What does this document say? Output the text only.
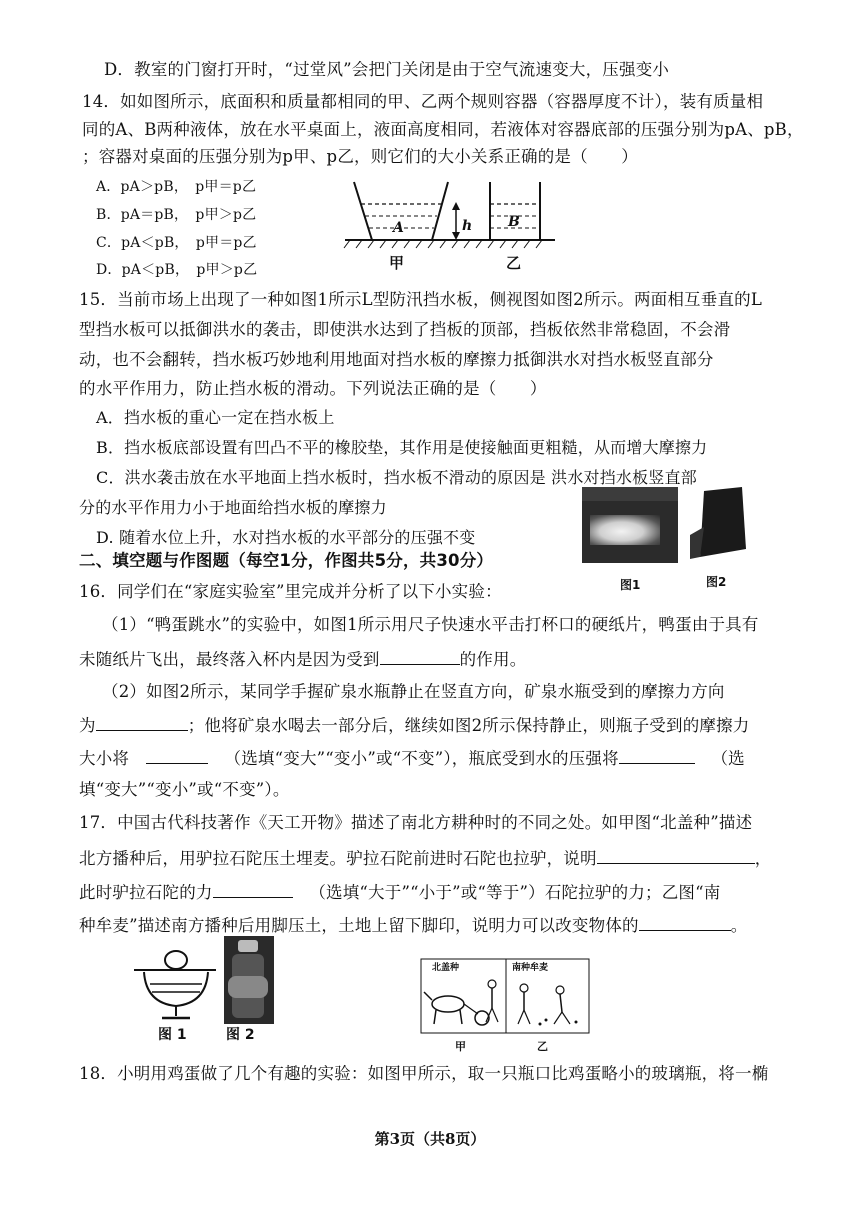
D．教室的门窗打开时，“过堂风”会把门关闭是由于空气流速变大，压强变小
14．如如图所示，底面积和质量都相同的甲、乙两个规则容器（容器厚度不计），装有质量相
同的A、B两种液体，放在水平桌面上，液面高度相同，若液体对容器底部的压强分别为pA、pB，
；容器对桌面的压强分别为p甲、p乙，则它们的大小关系正确的是（　　）
A．pA＞pB，　p甲＝p乙
B．pA＝pB，　p甲＞p乙
C．pA＜pB，　p甲＝p乙
D．pA＜pB，　p甲＞p乙
A	h	B
甲	乙
15．当前市场上出现了一种如图1所示L型防汛挡水板，侧视图如图2所示。两面相互垂直的L
型挡水板可以抵御洪水的袭击，即使洪水达到了挡板的顶部，挡板依然非常稳固，不会滑
动，也不会翻转，挡水板巧妙地利用地面对挡水板的摩擦力抵御洪水对挡水板竖直部分
的水平作用力，防止挡水板的滑动。下列说法正确的是（　　）
A．挡水板的重心一定在挡水板上
B．挡水板底部设置有凹凸不平的橡胶垫，其作用是使接触面更粗糙，从而增大摩擦力
C．洪水袭击放在水平地面上挡水板时，挡水板不滑动的原因是 洪水对挡水板竖直部
分的水平作用力小于地面给挡水板的摩擦力
D. 随着水位上升，水对挡水板的水平部分的压强不变
图1	图2
二、填空题与作图题（每空1分，作图共5分，共30分）
16．同学们在“家庭实验室”里完成并分析了以下小实验：
（1）“鸭蛋跳水”的实验中，如图1所示用尺子快速水平击打杯口的硬纸片，鸭蛋由于具有
未随纸片飞出，最终落入杯内是因为受到	的作用。
（2）如图2所示，某同学手握矿泉水瓶静止在竖直方向，矿泉水瓶受到的摩擦力方向
为	；他将矿泉水喝去一部分后，继续如图2所示保持静止，则瓶子受到的摩擦力
大小将  	（选填“变大”“变小”或“不变”），瓶底受到水的压强将 	（选
填“变大”“变小”或“不变”）。
17．中国古代科技著作《天工开物》描述了南北方耕种时的不同之处。如甲图“北盖种”描述
北方播种后，用驴拉石陀压土埋麦。驴拉石陀前进时石陀也拉驴，说明	，
此时驴拉石陀的力 	（选填“大于”“小于”或“等于”）石陀拉驴的力；乙图“南
种牟麦”描述南方播种后用脚压土，土地上留下脚印，说明力可以改变物体的	。
图 1	图 2
北盖种	南种牟麦
甲	乙
18．小明用鸡蛋做了几个有趣的实验：如图甲所示，取一只瓶口比鸡蛋略小的玻璃瓶，将一椭
第3页（共8页）
